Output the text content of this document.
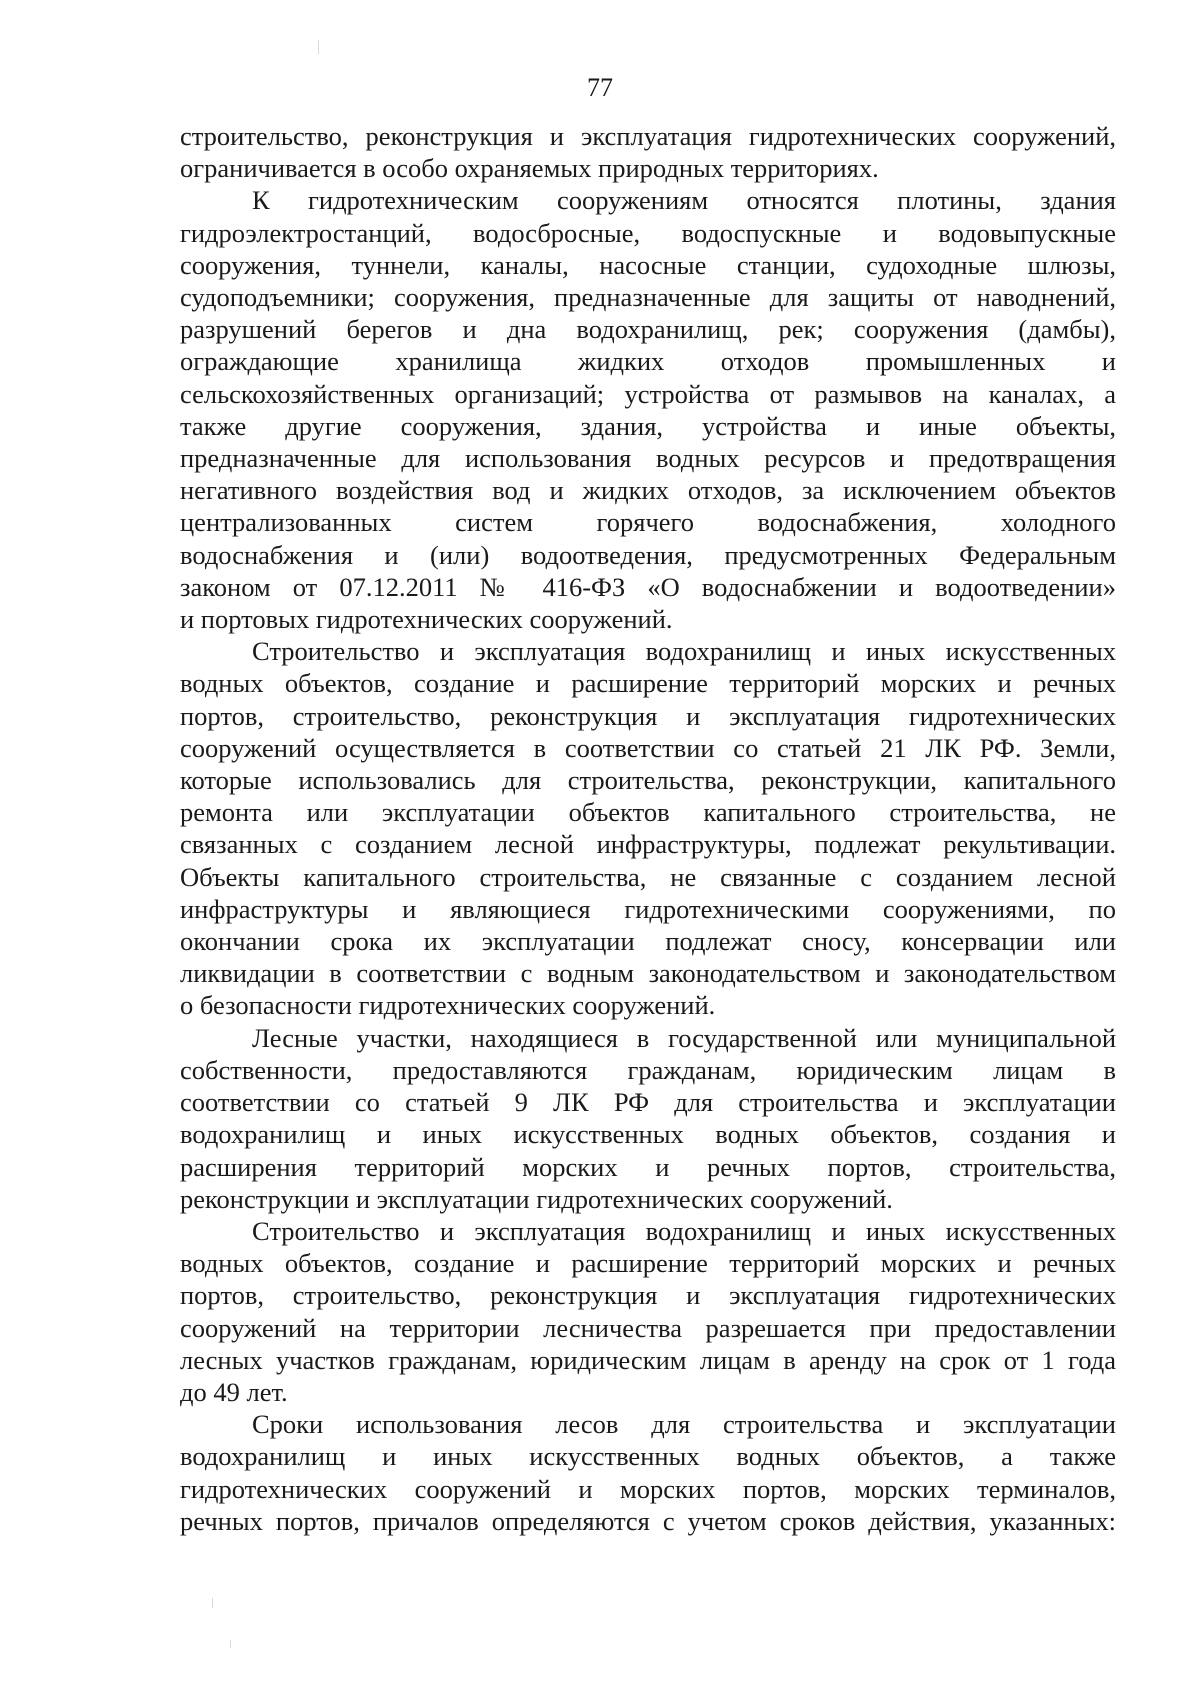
77

строительство, реконструкция и эксплуатация гидротехнических сооружений,
ограничивается в особо охраняемых природных территориях.

К гидротехническим сооружениям относятся плотины, здания
гидроэлектростанций, водосбросные, водоспускные и водовыпускные
сооружения, туннели, каналы, насосные станции, судоходные шлюзы,
судоподъемники; сооружения, предназначенные для защиты от наводнений,
разрушений берегов и дна водохранилищ, рек; сооружения (дамбы),
ограждающие хранилища жидких отходов промышленных и
сельскохозяйственных организаций; устройства от размывов на каналах, а
также другие сооружения, здания, устройства и иные объекты,
предназначенные для использования водных ресурсов и предотвращения
негативного воздействия вод и жидких отходов, за исключением объектов
централизованных систем горячего водоснабжения, холодного
водоснабжения и (или) водоотведения, предусмотренных Федеральным
законом от 07.12.2011 № 416-ФЗ «О водоснабжении и водоотведении»
и портовых гидротехнических сооружений.

Строительство и эксплуатация водохранилищ и иных искусственных
водных объектов, создание и расширение территорий морских и речных
портов, строительство, реконструкция и эксплуатация гидротехнических
сооружений осуществляется в соответствии со статьей 21 ЛК РФ. Земли,
которые использовались для строительства, реконструкции, капитального
ремонта или эксплуатации объектов капитального строительства, не
связанных с созданием лесной инфраструктуры, подлежат рекультивации.
Объекты капитального строительства, не связанные с созданием лесной
инфраструктуры и являющиеся гидротехническими сооружениями, по
окончании срока их эксплуатации подлежат сносу, консервации или
ликвидации в соответствии с водным законодательством и законодательством
о безопасности гидротехнических сооружений.

Лесные участки, находящиеся в государственной или муниципальной
собственности, предоставляются гражданам, юридическим лицам в
соответствии со статьей 9 ЛК РФ для строительства и эксплуатации
водохранилищ и иных искусственных водных объектов, создания и
расширения территорий морских и речных портов, строительства,
реконструкции и эксплуатации гидротехнических сооружений.

Строительство и эксплуатация водохранилищ и иных искусственных
водных объектов, создание и расширение территорий морских и речных
портов, строительство, реконструкция и эксплуатация гидротехнических
сооружений на территории лесничества разрешается при предоставлении
лесных участков гражданам, юридическим лицам в аренду на срок от 1 года
до 49 лет.

Сроки использования лесов для строительства и эксплуатации
водохранилищ и иных искусственных водных объектов, а также
гидротехнических сооружений и морских портов, морских терминалов,
речных портов, причалов определяются с учетом сроков действия, указанных:
